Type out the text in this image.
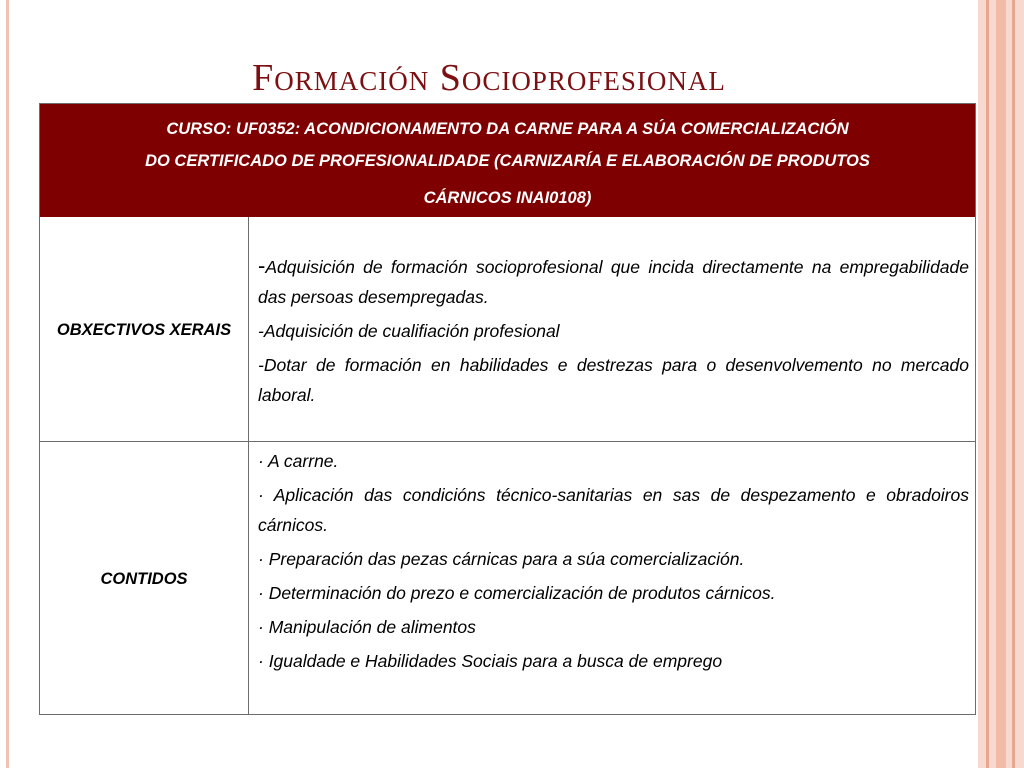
Formación Socioprofesional
CURSO: UF0352: ACONDICIONAMENTO DA CARNE PARA A SÚA COMERCIALIZACIÓN
DO CERTIFICADO DE PROFESIONALIDADE (CARNIZARÍA E ELABORACIÓN DE PRODUTOS
CÁRNICOS INAI0108)
OBXECTIVOS XERAIS

-Adquisición de formación socioprofesional que incida directamente na empregabilidade das persoas desempregadas.

-Adquisición de cualifiación profesional

-Dotar de formación en habilidades e destrezas para o desenvolvemento no mercado laboral.

CONTIDOS

· A carrne.

· Aplicación das condicións técnico-sanitarias en sas de despezamento e obradoiros cárnicos.

· Preparación das pezas cárnicas para a súa comercialización.

· Determinación do prezo e comercialización de produtos cárnicos.

· Manipulación de alimentos

· Igualdade e Habilidades Sociais para a busca de emprego
